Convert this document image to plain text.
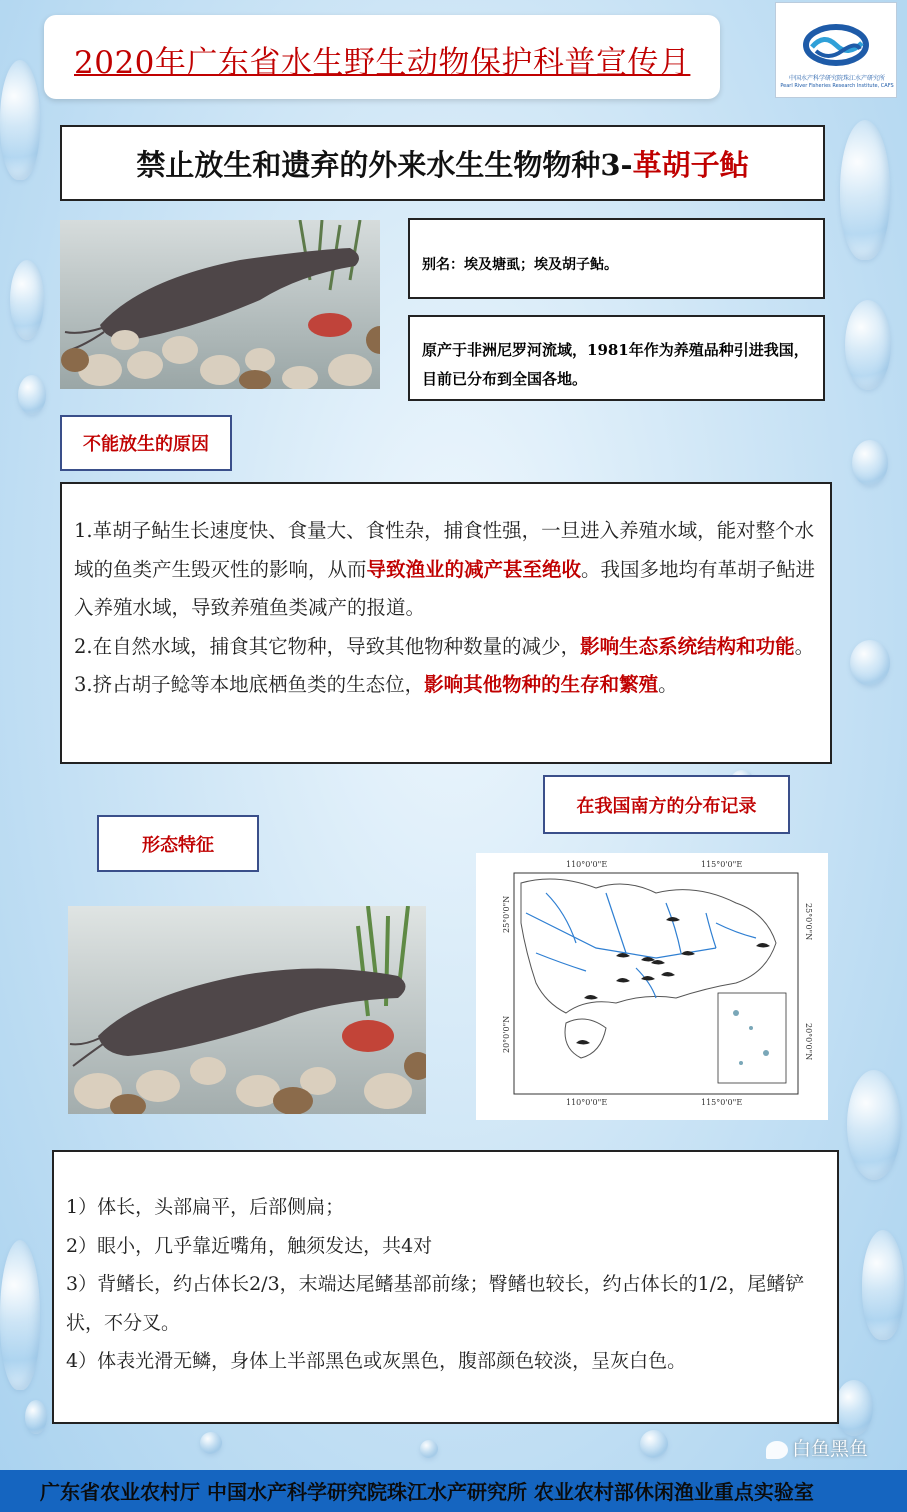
2020年广东省水生野生动物保护科普宣传月	中国水产科学研究院珠江水产研究所
Pearl River Fisheries Research Institute, CAFS
禁止放生和遗弃的外来水生生物物种3- 革胡子鲇
别名：埃及塘虱；埃及胡子鲇。
原产于非洲尼罗河流域，1981年作为养殖品种引进我国，目前已分布到全国各地。
不能放生的原因
1.革胡子鲇生长速度快、食量大、食性杂，捕食性强，一旦进入养殖水域，能对整个水域的鱼类产生毁灭性的影响，从而导致渔业的减产甚至绝收。我国多地均有革胡子鲇进入养殖水域，导致养殖鱼类减产的报道。
2.在自然水域，捕食其它物种，导致其他物种数量的减少，影响生态系统结构和功能。
3.挤占胡子鲶等本地底栖鱼类的生态位，影响其他物种的生存和繁殖。
在我国南方的分布记录
形态特征
110°0'0"E	115°0'0"E
110°0'0"E	115°0'0"E
25°0'0"N
20°0'0"N
25°0'0"N
20°0'0"N
1）体长，头部扁平，后部侧扁；
2）眼小，几乎靠近嘴角，触须发达，共4对
3）背鳍长，约占体长2/3，末端达尾鳍基部前缘；臀鳍也较长，约占体长的1/2，尾鳍铲状，不分叉。
4）体表光滑无鳞，身体上半部黑色或灰黑色，腹部颜色较淡，呈灰白色。
白鱼黑鱼
广东省农业农村厅 中国水产科学研究院珠江水产研究所 农业农村部休闲渔业重点实验室
